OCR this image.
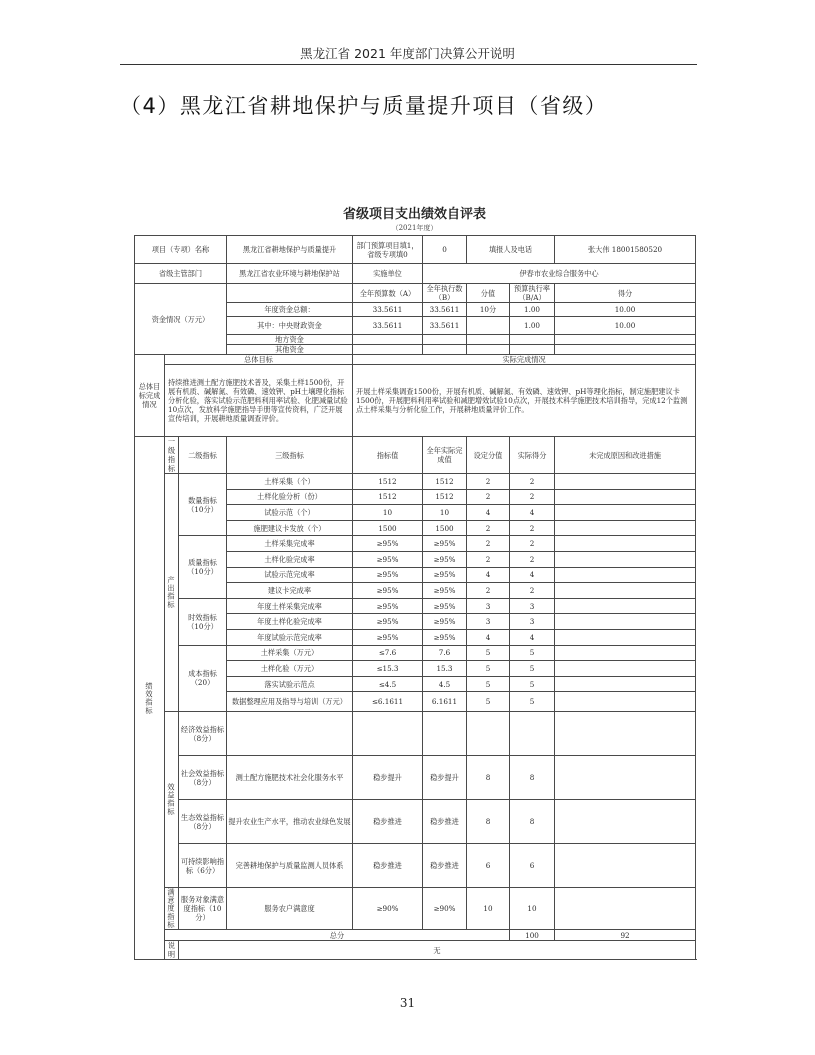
黑龙江省 2021 年度部门决算公开说明
（4）黑龙江省耕地保护与质量提升项目（省级）
省级项目支出绩效自评表
（2021年度）
项目（专项）名称			黑龙江省耕地保护与质量提升	部门预算项目填1，省级专项填0	0	填报人及电话		张大伟 18001580520	
省级主管部门			黑龙江省农业环境与耕地保护站	实施单位	伊春市农业综合服务中心				
资金情况（万元）				全年预算数（A）	全年执行数（B）	分值	预算执行率（B/A）	得分	
			年度资金总额：	33.5611	33.5611	10分	1.00	10.00	
			其中：中央财政资金	33.5611	33.5611		1.00	10.00	
			地方资金						
			其他资金						
总体目标完成情况	总体目标			实际完成情况					
	持续推进测土配方施肥技术普及，采集土样1500份，开展有机质、碱解氮、有效磷、速效钾、pH土壤理化指标分析化验，落实试验示范肥料利用率试验、化肥减量试验10点次，发放科学施肥指导手册等宣传资料，广泛开展宣传培训，开展耕地质量调查评价。			开展土样采集调查1500份，开展有机质、碱解氮、有效磷、速效钾、pH等理化指标，制定施肥建议卡1500份，开展肥料利用率试验和减肥增效试验10点次，开展技术科学施肥技术培训指导，完成12个监测点土样采集与分析化验工作，开展耕地质量评价工作。					
绩效指标	一级指标	二级指标	三级指标	指标值	全年实际完成值	设定分值	实际得分	未完成原因和改进措施	
	产出指标	数量指标（10分）	土样采集（个）	1512	1512	2	2		
			土样化验分析（份）	1512	1512	2	2		
			试验示范（个）	10	10	4	4		
			施肥建议卡发放（个）	1500	1500	2	2		
		质量指标（10分）	土样采集完成率	≥95%	≥95%	2	2		
			土样化验完成率	≥95%	≥95%	2	2		
			试验示范完成率	≥95%	≥95%	4	4		
			建议卡完成率	≥95%	≥95%	2	2		
		时效指标（10分）	年度土样采集完成率	≥95%	≥95%	3	3		
			年度土样化验完成率	≥95%	≥95%	3	3		
			年度试验示范完成率	≥95%	≥95%	4	4		
		成本指标（20）	土样采集（万元）	≤7.6	7.6	5	5		
			土样化验（万元）	≤15.3	15.3	5	5		
			落实试验示范点	≤4.5	4.5	5	5		
			数据整理应用及指导与培训（万元）	≤6.1611	6.1611	5	5		
	效益指标	经济效益指标（8分）							
		社会效益指标（8分）	测土配方施肥技术社会化服务水平	稳步提升	稳步提升	8	8		
		生态效益指标（8分）	提升农业生产水平，推动农业绿色发展	稳步推进	稳步推进	8	8		
		可持续影响指标（6分）	完善耕地保护与质量监测人员体系	稳步推进	稳步推进	6	6		
	满意度指标	服务对象满意度指标（10分）	服务农户满意度	≥90%	≥90%	10	10		
	总分						100	92	
	说明	无							
31
